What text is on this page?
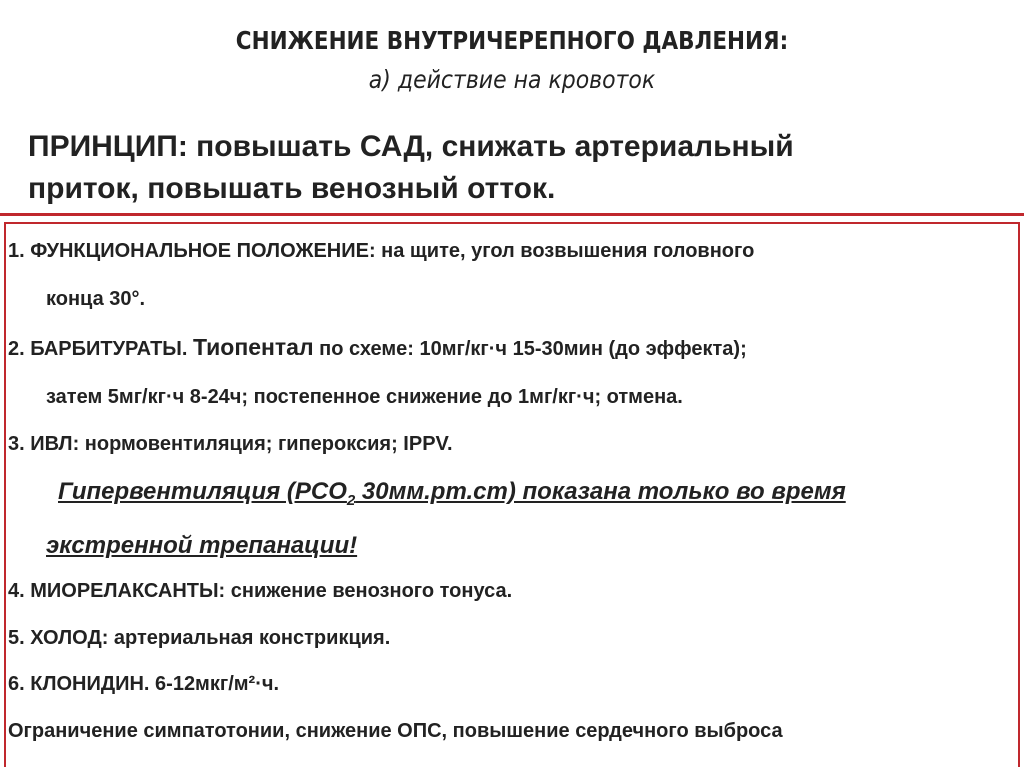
СНИЖЕНИЕ ВНУТРИЧЕРЕПНОГО ДАВЛЕНИЯ:
а) действие на кровоток
ПРИНЦИП: повышать САД, снижать артериальный
приток, повышать венозный отток.
1. ФУНКЦИОНАЛЬНОЕ ПОЛОЖЕНИЕ: на щите, угол возвышения головного
конца 30°.
2. БАРБИТУРАТЫ. Тиопентал по схеме: 10мг/кг·ч 15-30мин (до эффекта);
затем 5мг/кг·ч 8-24ч; постепенное снижение до 1мг/кг·ч; отмена.
3. ИВЛ: нормовентиляция; гипероксия; IPPV.
Гипервентиляция ($PCO_2$ 30мм.рт.ст) показана только во время
экстренной трепанации!
4. МИОРЕЛАКСАНТЫ: снижение венозного тонуса.
5. ХОЛОД: артериальная констрикция.
6. КЛОНИДИН. 6-12мкг/м²·ч.
Ограничение симпатотонии, снижение ОПС, повышение сердечного выброса
